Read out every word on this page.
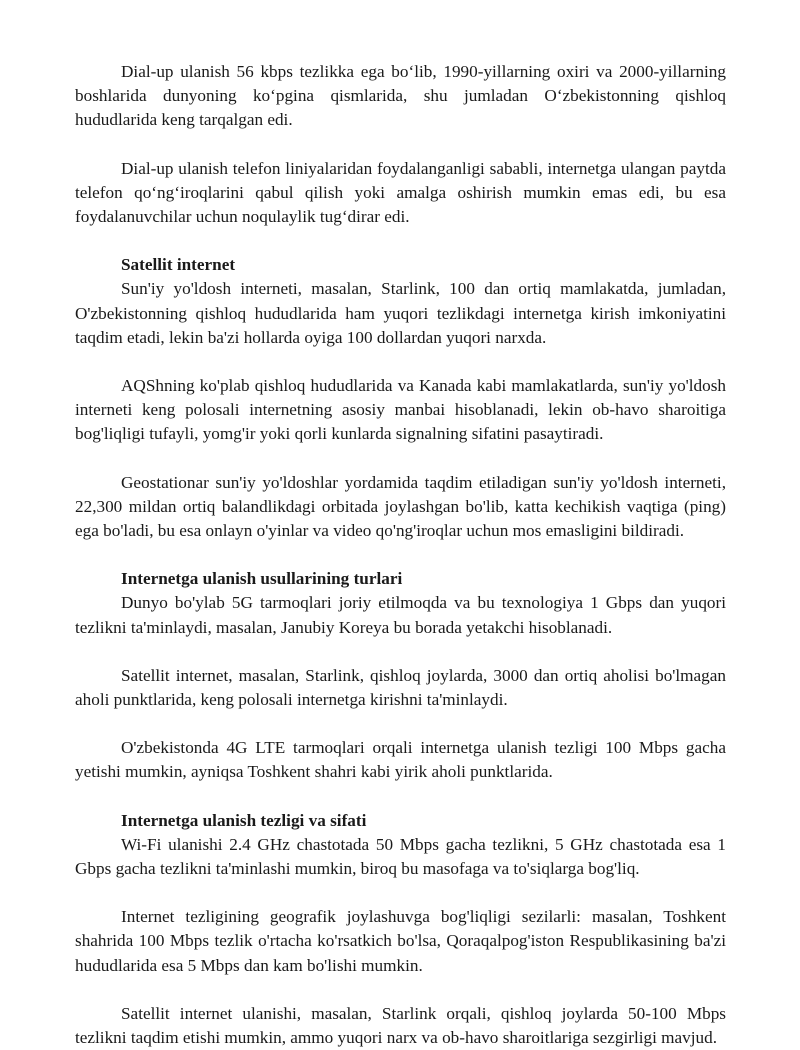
Dial-up ulanish 56 kbps tezlikka ega bo‘lib, 1990-yillarning oxiri va 2000-yillarning boshlarida dunyoning ko‘pgina qismlarida, shu jumladan O‘zbekistonning qishloq hududlarida keng tarqalgan edi.

Dial-up ulanish telefon liniyalaridan foydalanganligi sababli, internetga ulangan paytda telefon qo‘ng‘iroqlarini qabul qilish yoki amalga oshirish mumkin emas edi, bu esa foydalanuvchilar uchun noqulaylik tug‘dirar edi.

Satellit internet

Sun'iy yo'ldosh interneti, masalan, Starlink, 100 dan ortiq mamlakatda, jumladan, O'zbekistonning qishloq hududlarida ham yuqori tezlikdagi internetga kirish imkoniyatini taqdim etadi, lekin ba'zi hollarda oyiga 100 dollardan yuqori narxda.

AQShning ko'plab qishloq hududlarida va Kanada kabi mamlakatlarda, sun'iy yo'ldosh interneti keng polosali internetning asosiy manbai hisoblanadi, lekin ob-havo sharoitiga bog'liqligi tufayli, yomg'ir yoki qorli kunlarda signalning sifatini pasaytiradi.

Geostationar sun'iy yo'ldoshlar yordamida taqdim etiladigan sun'iy yo'ldosh interneti, 22,300 mildan ortiq balandlikdagi orbitada joylashgan bo'lib, katta kechikish vaqtiga (ping) ega bo'ladi, bu esa onlayn o'yinlar va video qo'ng'iroqlar uchun mos emasligini bildiradi.

Internetga ulanish usullarining turlari

Dunyo bo'ylab 5G tarmoqlari joriy etilmoqda va bu texnologiya 1 Gbps dan yuqori tezlikni ta'minlaydi, masalan, Janubiy Koreya bu borada yetakchi hisoblanadi.

Satellit internet, masalan, Starlink, qishloq joylarda, 3000 dan ortiq aholisi bo'lmagan aholi punktlarida, keng polosali internetga kirishni ta'minlaydi.

O'zbekistonda 4G LTE tarmoqlari orqali internetga ulanish tezligi 100 Mbps gacha yetishi mumkin, ayniqsa Toshkent shahri kabi yirik aholi punktlarida.

Internetga ulanish tezligi va sifati

Wi-Fi ulanishi 2.4 GHz chastotada 50 Mbps gacha tezlikni, 5 GHz chastotada esa 1 Gbps gacha tezlikni ta'minlashi mumkin, biroq bu masofaga va to'siqlarga bog'liq.

Internet tezligining geografik joylashuvga bog'liqligi sezilarli: masalan, Toshkent shahrida 100 Mbps tezlik o'rtacha ko'rsatkich bo'lsa, Qoraqalpog'iston Respublikasining ba'zi hududlarida esa 5 Mbps dan kam bo'lishi mumkin.

Satellit internet ulanishi, masalan, Starlink orqali, qishloq joylarda 50-100 Mbps tezlikni taqdim etishi mumkin, ammo yuqori narx va ob-havo sharoitlariga sezgirligi mavjud.
